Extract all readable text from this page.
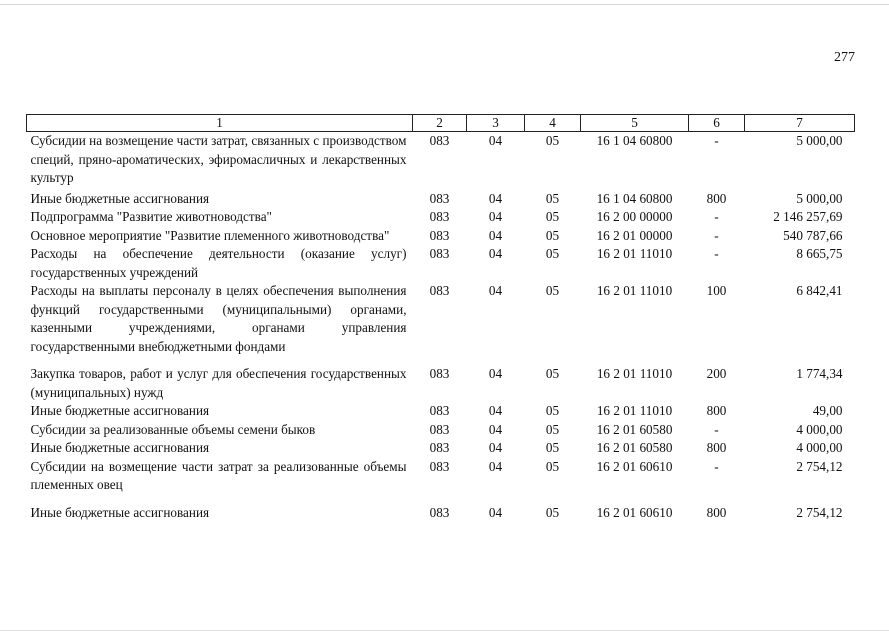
277
1	2	3	4	5	6	7
Субсидии на возмещение части затрат, связанных с производством специй, пряно-ароматических, эфиромасличных и лекарственных культур	083	04	05	16 1 04 60800	-	5 000,00
Иные бюджетные ассигнования	083	04	05	16 1 04 60800	800	5 000,00
Подпрограмма "Развитие животноводства"	083	04	05	16 2 00 00000	-	2 146 257,69
Основное мероприятие "Развитие племенного животноводства"	083	04	05	16 2 01 00000	-	540 787,66
Расходы на обеспечение деятельности (оказание услуг) государственных учреждений	083	04	05	16 2 01 11010	-	8 665,75
Расходы на выплаты персоналу в целях обеспечения выполнения функций государственными (муниципальными) органами, казенными учреждениями, органами управления государственными внебюджетными фондами	083	04	05	16 2 01 11010	100	6 842,41
Закупка товаров, работ и услуг для обеспечения государственных (муниципальных) нужд	083	04	05	16 2 01 11010	200	1 774,34
Иные бюджетные ассигнования	083	04	05	16 2 01 11010	800	49,00
Субсидии за реализованные объемы семени быков	083	04	05	16 2 01 60580	-	4 000,00
Иные бюджетные ассигнования	083	04	05	16 2 01 60580	800	4 000,00
Субсидии на возмещение части затрат за реализованные объемы племенных овец	083	04	05	16 2 01 60610	-	2 754,12
Иные бюджетные ассигнования	083	04	05	16 2 01 60610	800	2 754,12
